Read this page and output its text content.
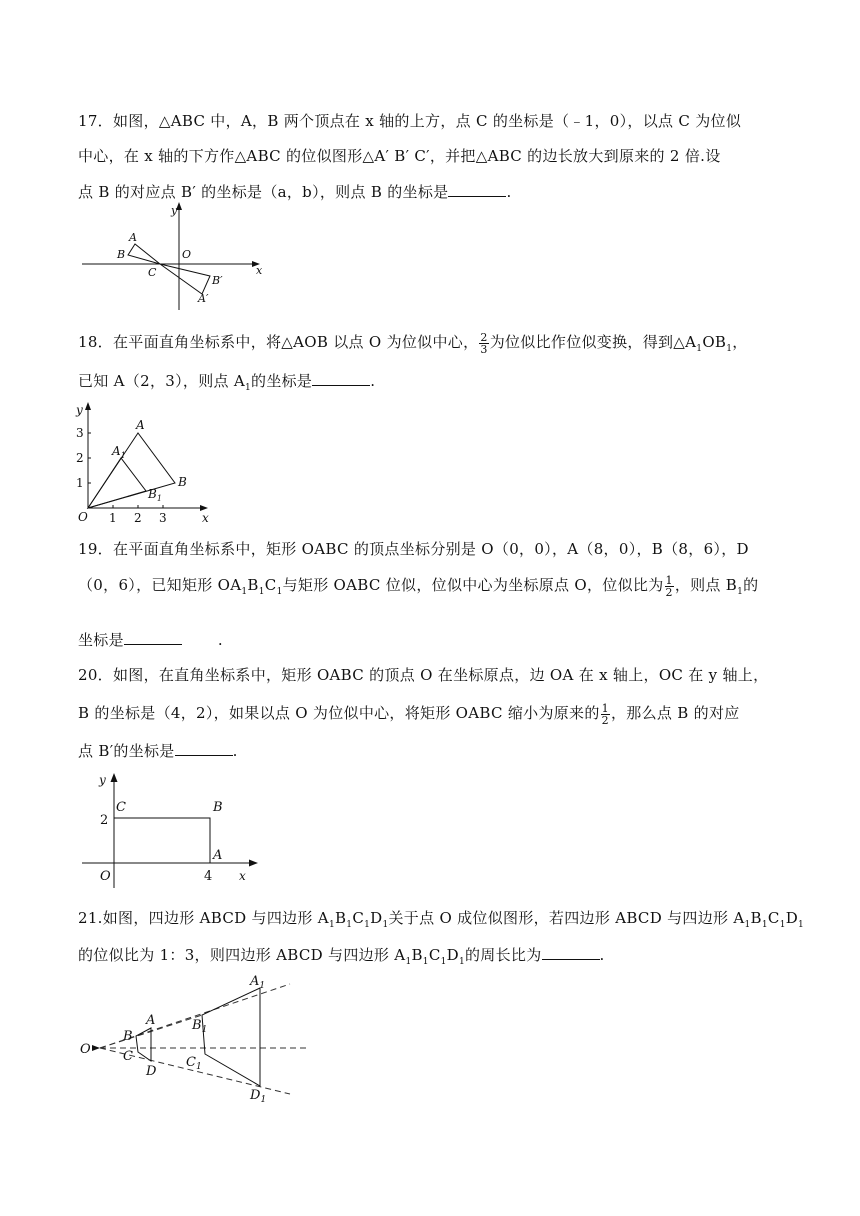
17．如图，△ABC 中，A，B 两个顶点在 x 轴的上方，点 C 的坐标是（﹣1，0），以点 C 为位似
中心，在 x 轴的下方作△ABC 的位似图形△A′ B′ C′，并把△ABC 的边长放大到原来的 2 倍.设
点 B 的对应点 B′ 的坐标是（a，b），则点 B 的坐标是	.
y
x
A
B
C
O
B′
A′
18．在平面直角坐标系中，将△AOB 以点 O 为位似中心， $\frac{2}{3}$ 为位似比作位似变换，得到$\triangle A_1OB_1$，
已知 A（2，3），则点 $A_1$的坐标是	.
y
x
O 1 2 3
1
2
3
A
$A_1$
B
$B_1$
19．在平面直角坐标系中，矩形 OABC 的顶点坐标分别是 O（0，0），A（8，0），B（8，6），D
（0，6），已知矩形 $OA_1B_1C_1$与矩形 OABC 位似，位似中心为坐标原点 O，位似比为 $\frac{1}{2}$ ，则点 $B_1$的
坐标是	.
20．如图，在直角坐标系中，矩形 OABC 的顶点 O 在坐标原点，边 OA 在 x 轴上，OC 在 y 轴上，
B 的坐标是（4，2），如果以点 O 为位似中心，将矩形 OABC 缩小为原来的 $\frac{1}{2}$ ，那么点 B 的对应
点 B′的坐标是	.
y
x
C	B
A
O
2
4
21.如图，四边形 ABCD 与四边形 $A_1B_1C_1D_1$关于点 O 成位似图形，若四边形 ABCD 与四边形 $A_1B_1C_1D_1$
的位似比为 1：3，则四边形 ABCD 与四边形 $A_1B_1C_1D_1$的周长比为	.
O
A
B
C
D
$A_1$
$B_1$
$C_1$
$D_1$
